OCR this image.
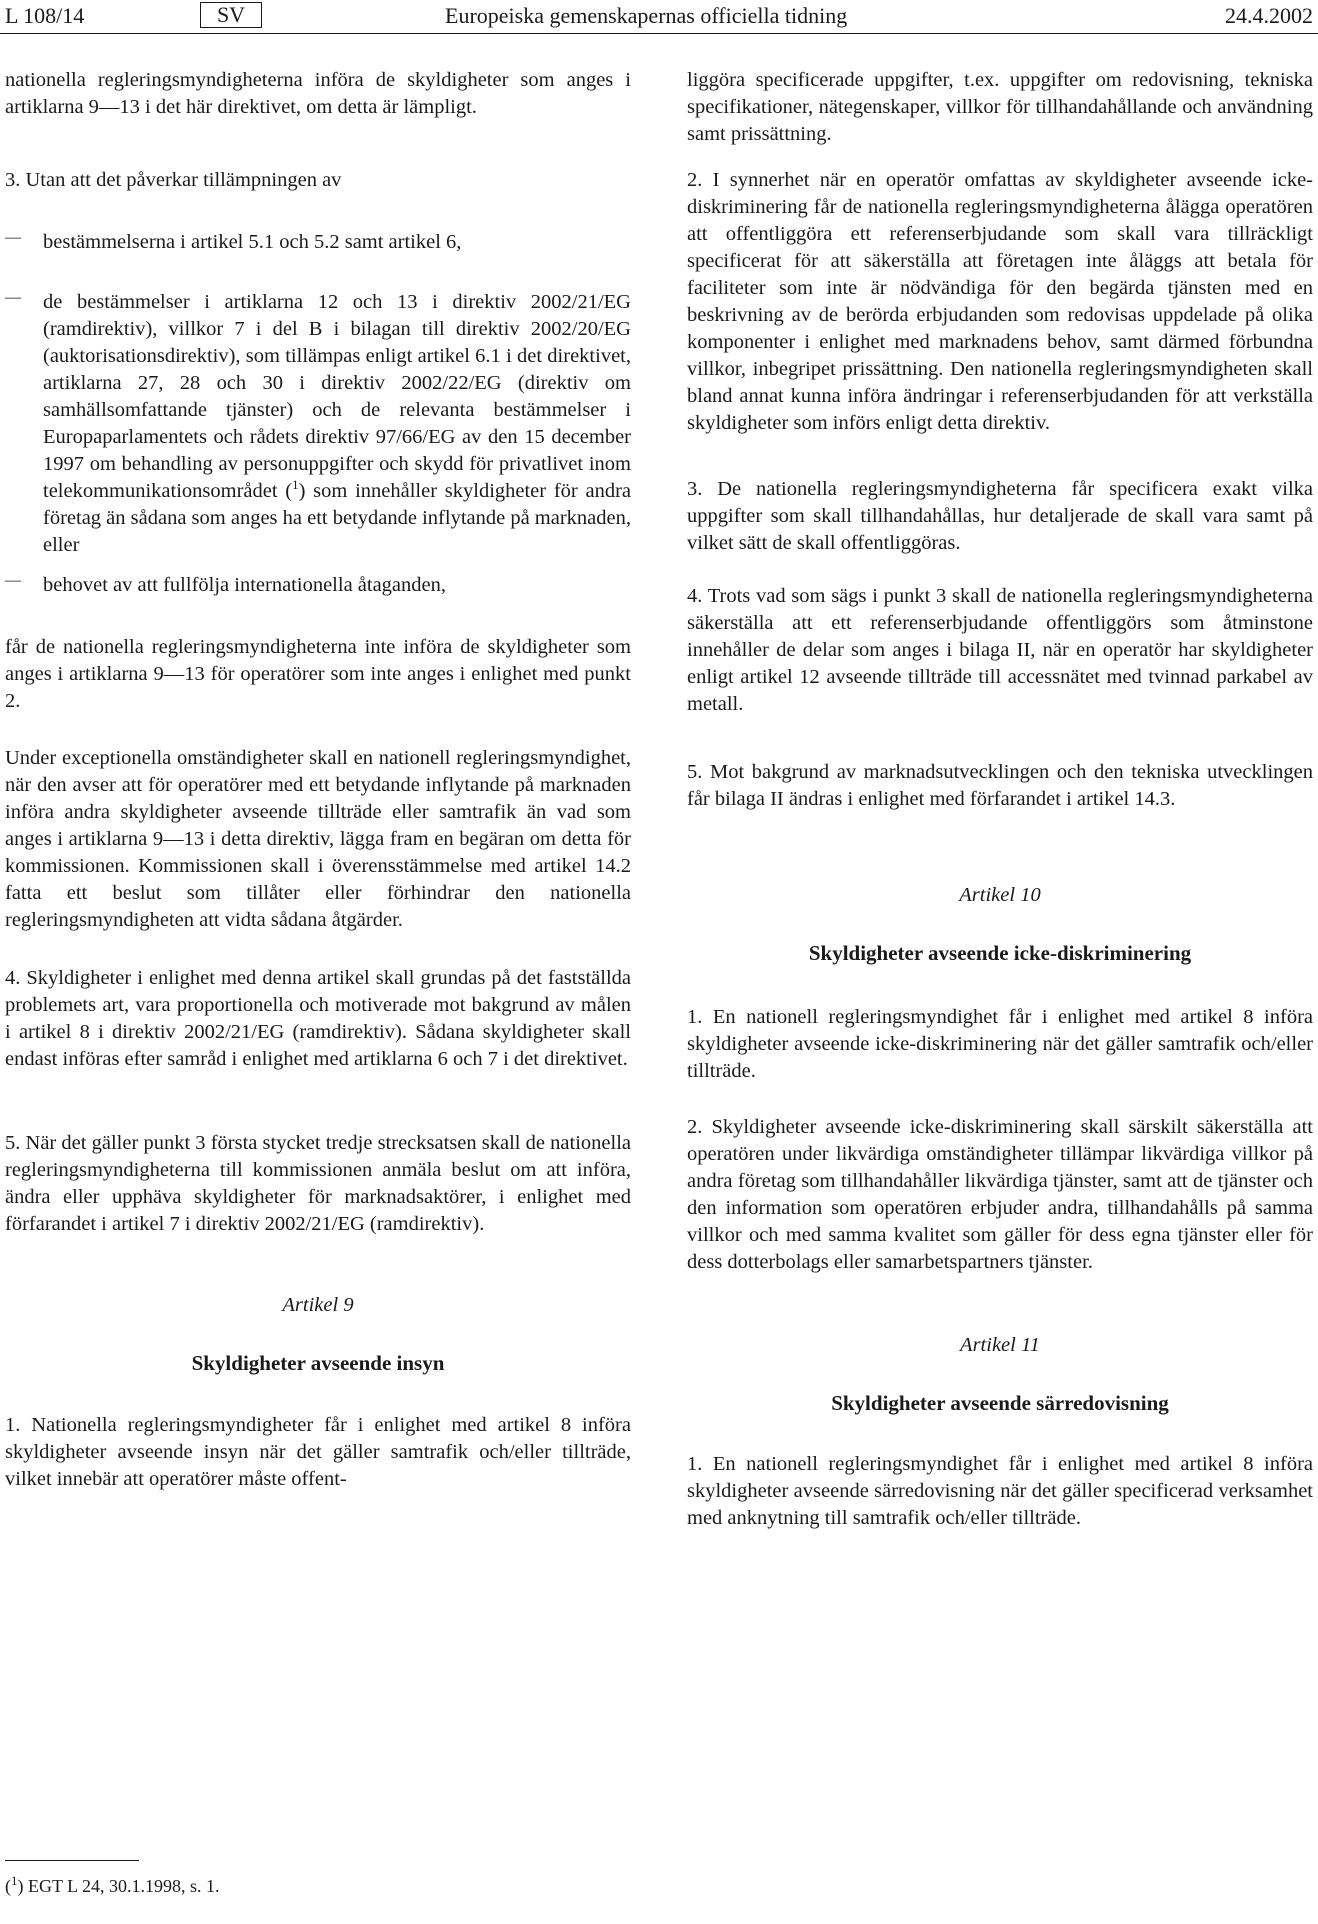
L 108/14	SV	Europeiska gemenskapernas officiella tidning	24.4.2002

nationella regleringsmyndigheterna införa de skyldigheter som anges i artiklarna 9—13 i det här direktivet, om detta är lämpligt.

3. Utan att det påverkar tillämpningen av

—	bestämmelserna i artikel 5.1 och 5.2 samt artikel 6,

—	de bestämmelser i artiklarna 12 och 13 i direktiv 2002/21/EG (ramdirektiv), villkor 7 i del B i bilagan till direktiv 2002/20/EG (auktorisationsdirektiv), som tillämpas enligt artikel 6.1 i det direktivet, artiklarna 27, 28 och 30 i direktiv 2002/22/EG (direktiv om samhällsomfattande tjänster) och de relevanta bestämmelser i Europaparlamentets och rådets direktiv 97/66/EG av den 15 december 1997 om behandling av personuppgifter och skydd för privatlivet inom telekommunikationsområdet ($^1$) som innehåller skyldigheter för andra företag än sådana som anges ha ett betydande inflytande på marknaden, eller

—	behovet av att fullfölja internationella åtaganden,

får de nationella regleringsmyndigheterna inte införa de skyldigheter som anges i artiklarna 9—13 för operatörer som inte anges i enlighet med punkt 2.

Under exceptionella omständigheter skall en nationell regleringsmyndighet, när den avser att för operatörer med ett betydande inflytande på marknaden införa andra skyldigheter avseende tillträde eller samtrafik än vad som anges i artiklarna 9—13 i detta direktiv, lägga fram en begäran om detta för kommissionen. Kommissionen skall i överensstämmelse med artikel 14.2 fatta ett beslut som tillåter eller förhindrar den nationella regleringsmyndigheten att vidta sådana åtgärder.

4. Skyldigheter i enlighet med denna artikel skall grundas på det fastställda problemets art, vara proportionella och motiverade mot bakgrund av målen i artikel 8 i direktiv 2002/21/EG (ramdirektiv). Sådana skyldigheter skall endast införas efter samråd i enlighet med artiklarna 6 och 7 i det direktivet.

5. När det gäller punkt 3 första stycket tredje strecksatsen skall de nationella regleringsmyndigheterna till kommissionen anmäla beslut om att införa, ändra eller upphäva skyldigheter för marknadsaktörer, i enlighet med förfarandet i artikel 7 i direktiv 2002/21/EG (ramdirektiv).

Artikel 9

Skyldigheter avseende insyn

1. Nationella regleringsmyndigheter får i enlighet med artikel 8 införa skyldigheter avseende insyn när det gäller samtrafik och/eller tillträde, vilket innebär att operatörer måste offent-

liggöra specificerade uppgifter, t.ex. uppgifter om redovisning, tekniska specifikationer, nätegenskaper, villkor för tillhandahållande och användning samt prissättning.

2. I synnerhet när en operatör omfattas av skyldigheter avseende icke-diskriminering får de nationella regleringsmyndigheterna ålägga operatören att offentliggöra ett referenserbjudande som skall vara tillräckligt specificerat för att säkerställa att företagen inte åläggs att betala för faciliteter som inte är nödvändiga för den begärda tjänsten med en beskrivning av de berörda erbjudanden som redovisas uppdelade på olika komponenter i enlighet med marknadens behov, samt därmed förbundna villkor, inbegripet prissättning. Den nationella regleringsmyndigheten skall bland annat kunna införa ändringar i referenserbjudanden för att verkställa skyldigheter som införs enligt detta direktiv.

3. De nationella regleringsmyndigheterna får specificera exakt vilka uppgifter som skall tillhandahållas, hur detaljerade de skall vara samt på vilket sätt de skall offentliggöras.

4. Trots vad som sägs i punkt 3 skall de nationella regleringsmyndigheterna säkerställa att ett referenserbjudande offentliggörs som åtminstone innehåller de delar som anges i bilaga II, när en operatör har skyldigheter enligt artikel 12 avseende tillträde till accessnätet med tvinnad parkabel av metall.

5. Mot bakgrund av marknadsutvecklingen och den tekniska utvecklingen får bilaga II ändras i enlighet med förfarandet i artikel 14.3.

Artikel 10

Skyldigheter avseende icke-diskriminering

1. En nationell regleringsmyndighet får i enlighet med artikel 8 införa skyldigheter avseende icke-diskriminering när det gäller samtrafik och/eller tillträde.

2. Skyldigheter avseende icke-diskriminering skall särskilt säkerställa att operatören under likvärdiga omständigheter tillämpar likvärdiga villkor på andra företag som tillhandahåller likvärdiga tjänster, samt att de tjänster och den information som operatören erbjuder andra, tillhandahålls på samma villkor och med samma kvalitet som gäller för dess egna tjänster eller för dess dotterbolags eller samarbetspartners tjänster.

Artikel 11

Skyldigheter avseende särredovisning

1. En nationell regleringsmyndighet får i enlighet med artikel 8 införa skyldigheter avseende särredovisning när det gäller specificerad verksamhet med anknytning till samtrafik och/eller tillträde.

($^1$) EGT L 24, 30.1.1998, s. 1.
